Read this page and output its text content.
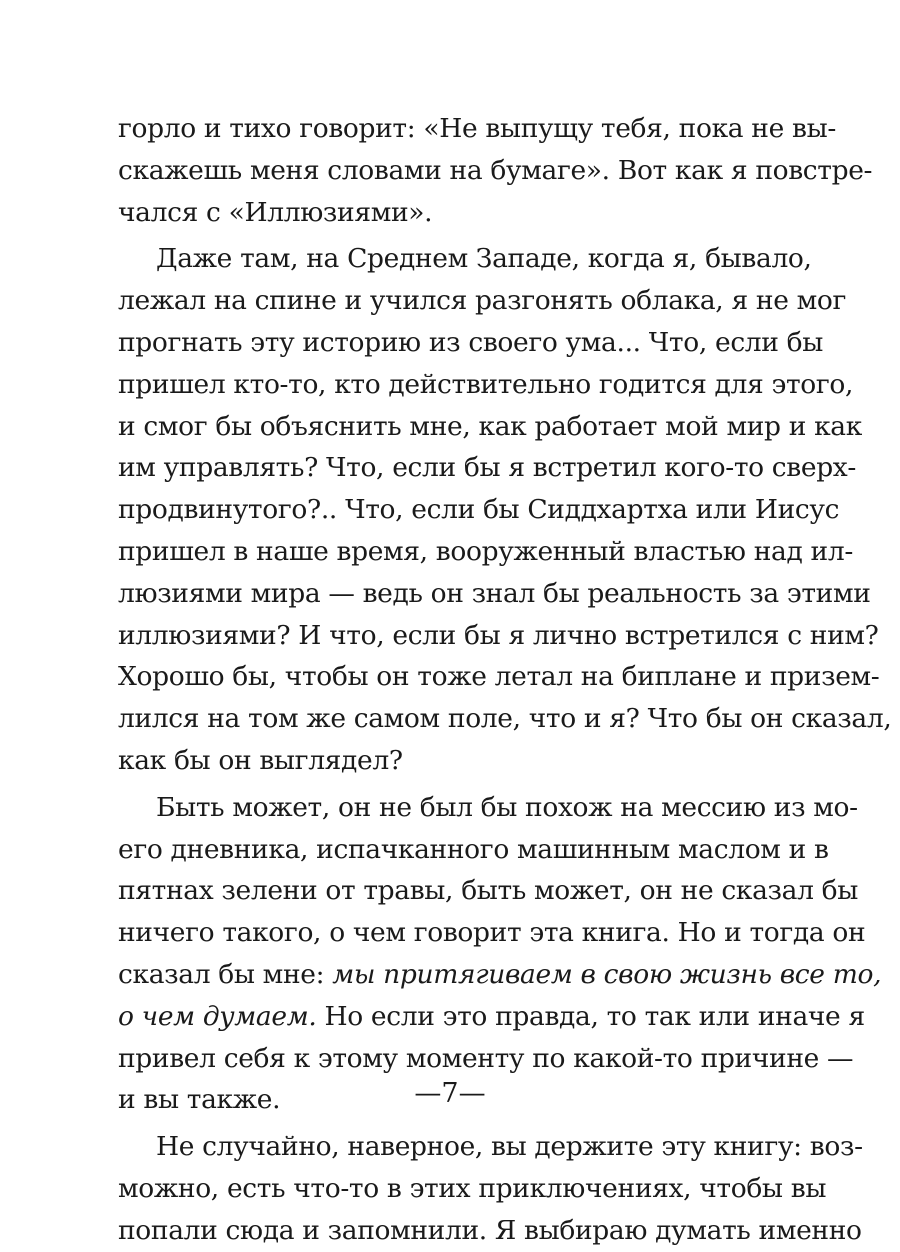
горло и тихо говорит: «Не выпущу тебя, пока не вы-
скажешь меня словами на бумаге». Вот как я повстре-
чался с «Иллюзиями».
Даже там, на Среднем Западе, когда я, бывало,
лежал на спине и учился разгонять облака, я не мог
прогнать эту историю из своего ума... Что, если бы
пришел кто-то, кто действительно годится для этого,
и смог бы объяснить мне, как работает мой мир и как
им управлять? Что, если бы я встретил кого-то сверх-
продвинутого?.. Что, если бы Сиддхартха или Иисус
пришел в наше время, вооруженный властью над ил-
люзиями мира — ведь он знал бы реальность за этими
иллюзиями? И что, если бы я лично встретился с ним?
Хорошо бы, чтобы он тоже летал на биплане и призем-
лился на том же самом поле, что и я? Что бы он сказал,
как бы он выглядел?
Быть может, он не был бы похож на мессию из мо-
его дневника, испачканного машинным маслом и в
пятнах зелени от травы, быть может, он не сказал бы
ничего такого, о чем говорит эта книга. Но и тогда он
сказал бы мне: мы притягиваем в свою жизнь все то,
о чем думаем. Но если это правда, то так или иначе я
привел себя к этому моменту по какой-то причине —
и вы также.
Не случайно, наверное, вы держите эту книгу: воз-
можно, есть что-то в этих приключениях, чтобы вы
попали сюда и запомнили. Я выбираю думать именно
—7—
